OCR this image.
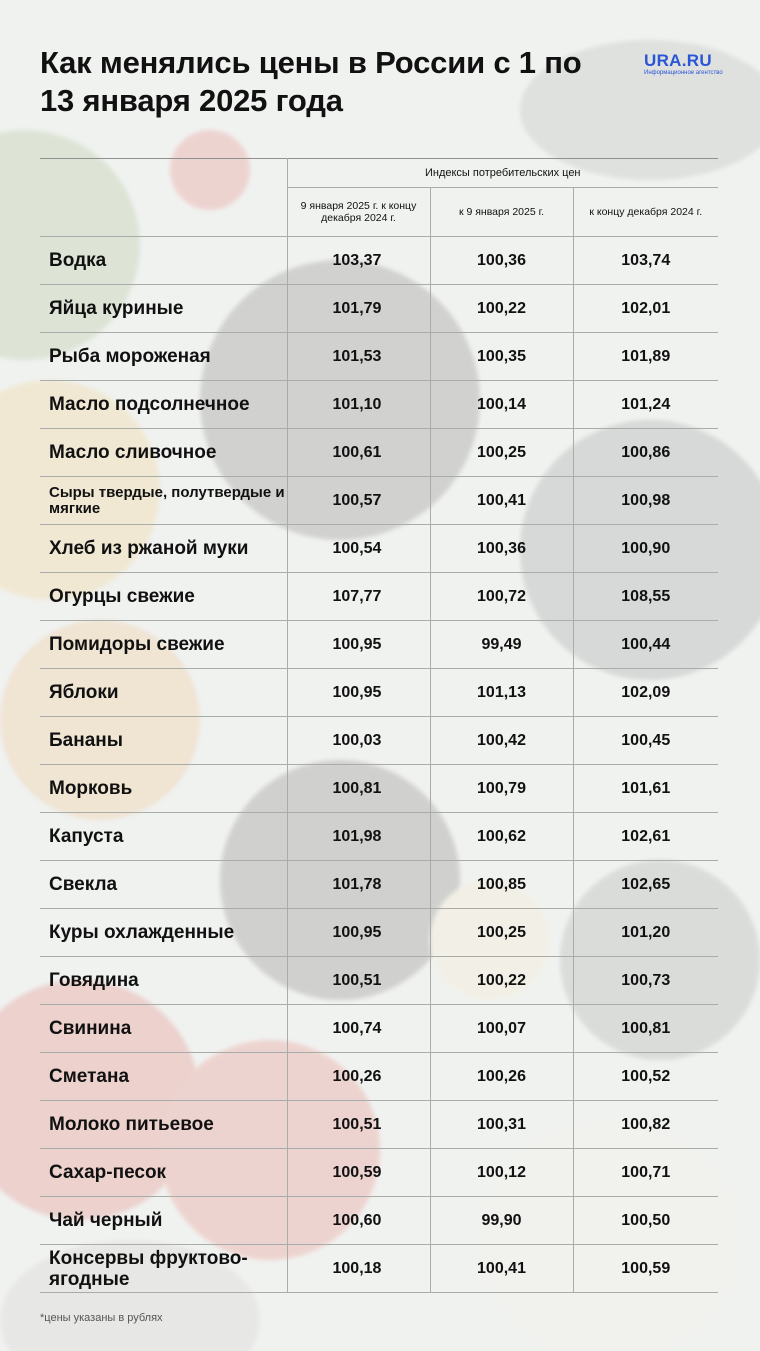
Как менялись цены в России с 1 по 13 января 2025 года
URA.RU
Информационное агентство
	Индексы потребительских цен		
	9 января 2025 г. к концу декабря 2024 г.	к 9 января 2025 г.	к концу декабря 2024 г.
Водка	103,37	100,36	103,74
Яйца куриные	101,79	100,22	102,01
Рыба мороженая	101,53	100,35	101,89
Масло подсолнечное	101,10	100,14	101,24
Масло сливочное	100,61	100,25	100,86
Сыры твердые, полутвердые и мягкие	100,57	100,41	100,98
Хлеб из ржаной муки	100,54	100,36	100,90
Огурцы свежие	107,77	100,72	108,55
Помидоры свежие	100,95	99,49	100,44
Яблоки	100,95	101,13	102,09
Бананы	100,03	100,42	100,45
Морковь	100,81	100,79	101,61
Капуста	101,98	100,62	102,61
Свекла	101,78	100,85	102,65
Куры охлажденные	100,95	100,25	101,20
Говядина	100,51	100,22	100,73
Свинина	100,74	100,07	100,81
Сметана	100,26	100,26	100,52
Молоко питьевое	100,51	100,31	100,82
Сахар-песок	100,59	100,12	100,71
Чай черный	100,60	99,90	100,50
Консервы фруктово-ягодные	100,18	100,41	100,59
*цены указаны в рублях
